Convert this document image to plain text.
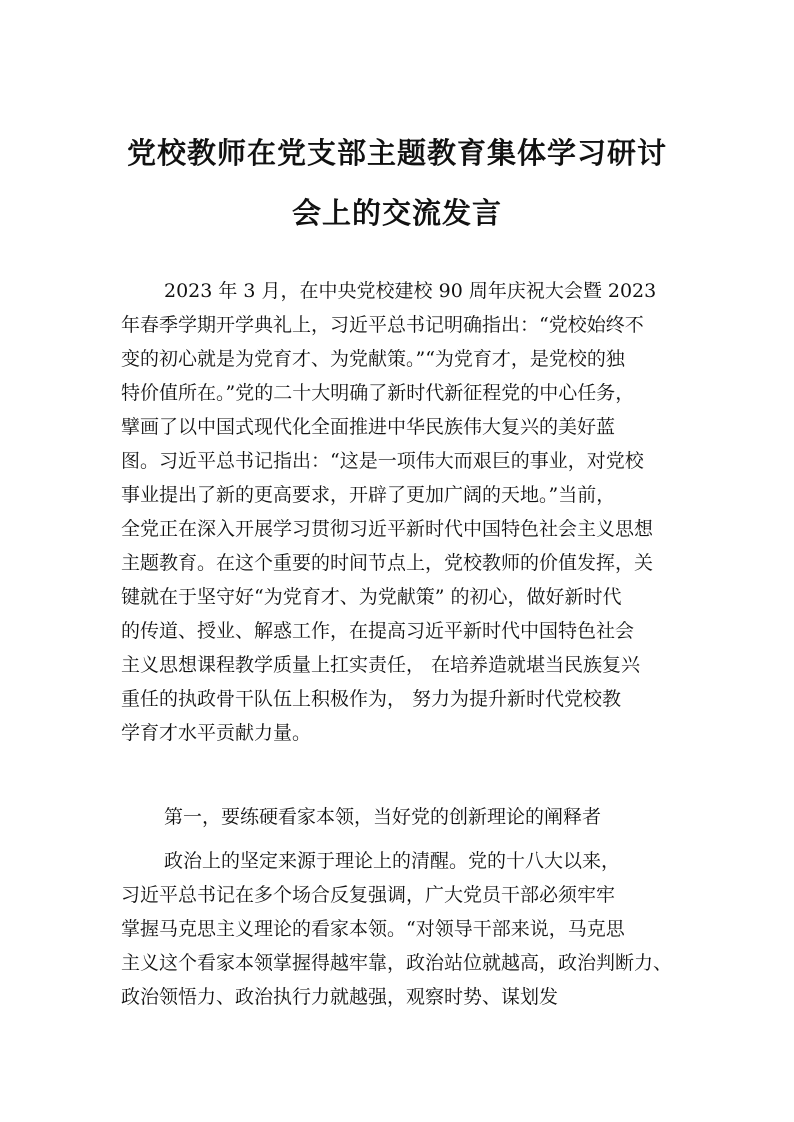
党校教师在党支部主题教育集体学习研讨
会上的交流发言
2023 年 3 月，在中央党校建校 90 周年庆祝大会暨 2023
年春季学期开学典礼上，习近平总书记明确指出：“党校始终不
变的初心就是为党育才、为党献策。”“为党育才，是党校的独
特价值所在。”党的二十大明确了新时代新征程党的中心任务，
擘画了以中国式现代化全面推进中华民族伟大复兴的美好蓝
图。习近平总书记指出：“这是一项伟大而艰巨的事业，对党校
事业提出了新的更高要求，开辟了更加广阔的天地。”当前，
全党正在深入开展学习贯彻习近平新时代中国特色社会主义思想
主题教育。在这个重要的时间节点上，党校教师的价值发挥，关
键就在于坚守好“为党育才、为党献策” 的初心，做好新时代
的传道、授业、解惑工作，在提高习近平新时代中国特色社会
主义思想课程教学质量上扛实责任， 在培养造就堪当民族复兴
重任的执政骨干队伍上积极作为， 努力为提升新时代党校教
学育才水平贡献力量。
第一，要练硬看家本领，当好党的创新理论的阐释者
政治上的坚定来源于理论上的清醒。党的十八大以来，
习近平总书记在多个场合反复强调，广大党员干部必须牢牢
掌握马克思主义理论的看家本领。“对领导干部来说，马克思
主义这个看家本领掌握得越牢靠，政治站位就越高，政治判断力、
政治领悟力、政治执行力就越强，观察时势、谋划发
